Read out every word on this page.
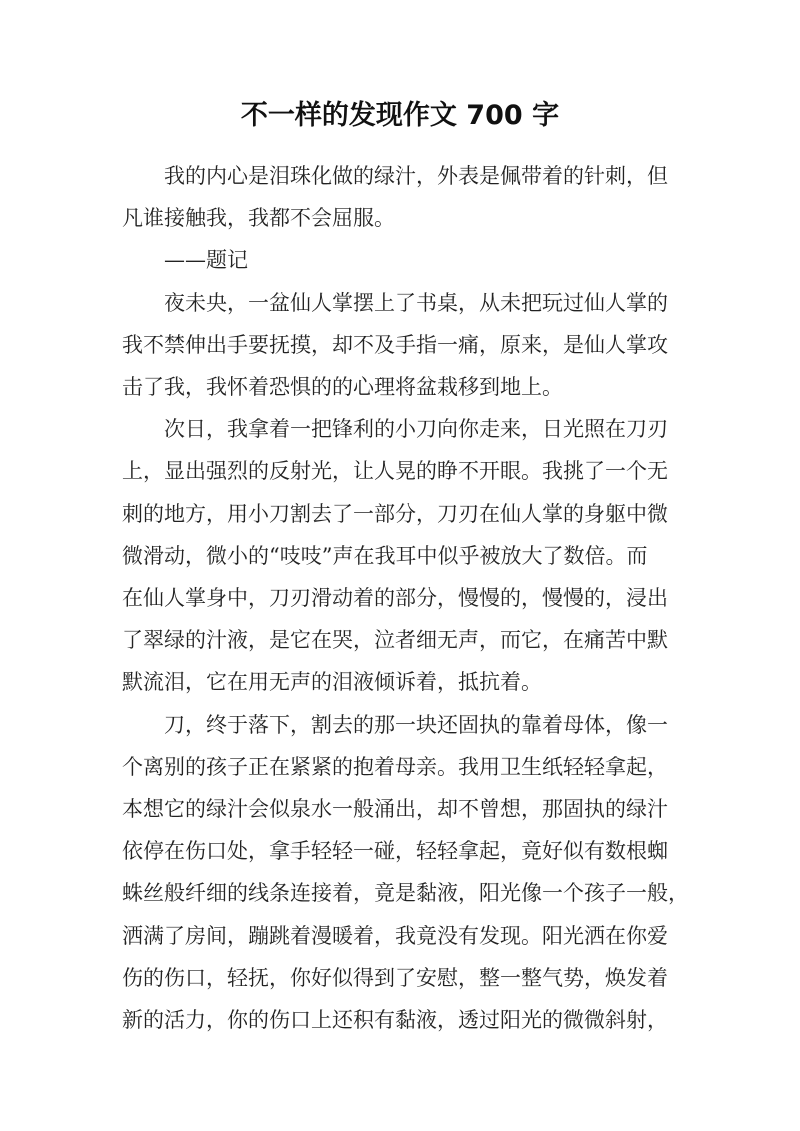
不一样的发现作文 700 字
我的内心是泪珠化做的绿汁，外表是佩带着的针刺，但
凡谁接触我，我都不会屈服。
——题记
夜未央，一盆仙人掌摆上了书桌，从未把玩过仙人掌的
我不禁伸出手要抚摸，却不及手指一痛，原来，是仙人掌攻
击了我，我怀着恐惧的的心理将盆栽移到地上。
次日，我拿着一把锋利的小刀向你走来，日光照在刀刃
上，显出强烈的反射光，让人晃的睁不开眼。我挑了一个无
刺的地方，用小刀割去了一部分，刀刃在仙人掌的身躯中微
微滑动，微小的“吱吱”声在我耳中似乎被放大了数倍。而
在仙人掌身中，刀刃滑动着的部分，慢慢的，慢慢的，浸出
了翠绿的汁液，是它在哭，泣者细无声，而它，在痛苦中默
默流泪，它在用无声的泪液倾诉着，抵抗着。
刀，终于落下，割去的那一块还固执的靠着母体，像一
个离别的孩子正在紧紧的抱着母亲。我用卫生纸轻轻拿起，
本想它的绿汁会似泉水一般涌出，却不曾想，那固执的绿汁
依停在伤口处，拿手轻轻一碰，轻轻拿起，竟好似有数根蜘
蛛丝般纤细的线条连接着，竟是黏液，阳光像一个孩子一般，
洒满了房间，蹦跳着漫暖着，我竟没有发现。阳光洒在你爱
伤的伤口，轻抚，你好似得到了安慰，整一整气势，焕发着
新的活力，你的伤口上还积有黏液，透过阳光的微微斜射，
